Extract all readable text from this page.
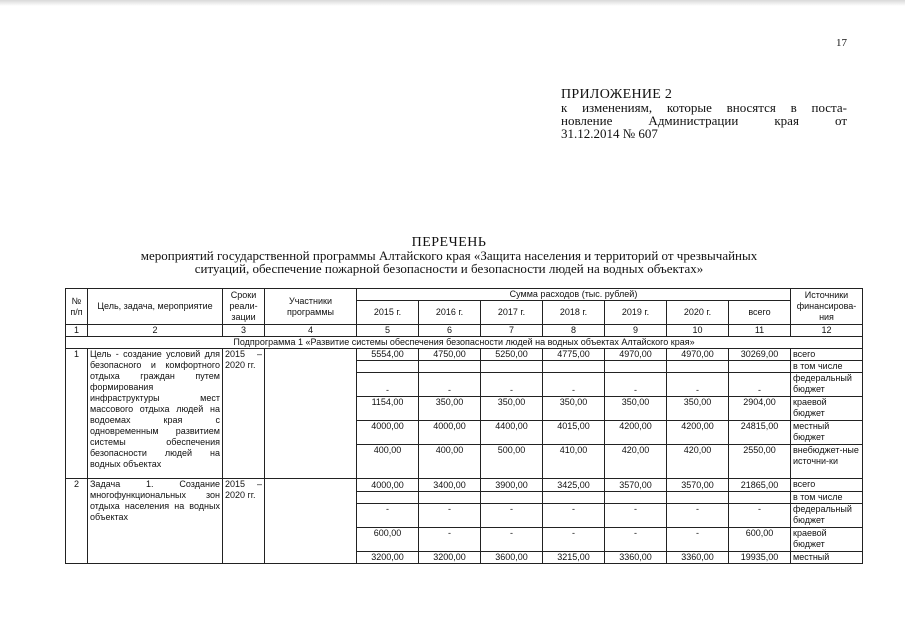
17
ПРИЛОЖЕНИЕ 2
к изменениям, которые вносятся в поста-
новление Администрации края от
31.12.2014 № 607
ПЕРЕЧЕНЬ
мероприятий государственной программы Алтайского края «Защита населения и территорий от чрезвычайных
ситуаций, обеспечение пожарной безопасности и безопасности людей на водных объектах»
№ п/п	Цель, задача, мероприятие	Сроки реали-зации	Участники программы	Сумма расходов (тыс. рублей)							Источники финансирова-ния
				2015 г.	2016 г.	2017 г.	2018 г.	2019 г.	2020 г.	всего	
1	2	3	4	5	6	7	8	9	10	11	12
Подпрограмма 1 «Развитие системы обеспечения безопасности людей на водных объектах Алтайского края»											
1	Цель - создание условий для безопасного и комфортного отдыха граждан путем формирования инфраструктуры мест массового отдыха людей на водоемах края с одновременным развитием системы обеспечения безопасности людей на водных объектах	2015 – 2020 гг.		5554,00	4750,00	5250,00	4775,00	4970,00	4970,00	30269,00	всего
											в том числе
				-	-	-	-	-	-	-	федеральный бюджет
				1154,00	350,00	350,00	350,00	350,00	350,00	2904,00	краевой бюджет
				4000,00	4000,00	4400,00	4015,00	4200,00	4200,00	24815,00	местный бюджет
				400,00	400,00	500,00	410,00	420,00	420,00	2550,00	внебюджет-ные источни-ки
2	Задача 1. Создание многофункциональных зон отдыха населения на водных объектах	2015 – 2020 гг.		4000,00	3400,00	3900,00	3425,00	3570,00	3570,00	21865,00	всего
											в том числе
				-	-	-	-	-	-	-	федеральный бюджет
				600,00	-	-	-	-	-	600,00	краевой бюджет
				3200,00	3200,00	3600,00	3215,00	3360,00	3360,00	19935,00	местный
